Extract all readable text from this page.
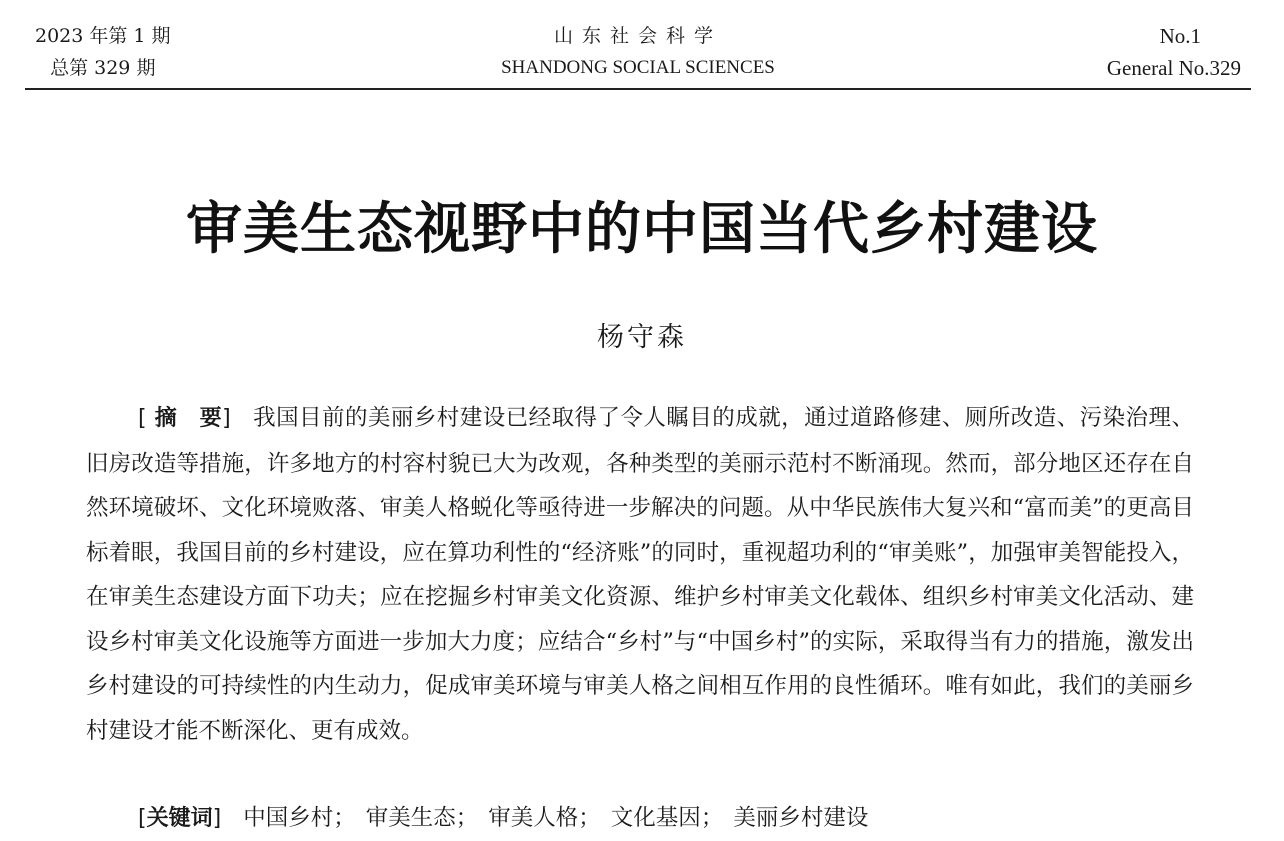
2023 年第 1 期
总第 329 期
山东社会科学
SHANDONG SOCIAL SCIENCES
No.1
General No.329
审美生态视野中的中国当代乡村建设
杨守森

[ 摘　要] 我国目前的美丽乡村建设已经取得了令人瞩目的成就，通过道路修建、厕所改造、污染治理、旧房改造等措施，许多地方的村容村貌已大为改观，各种类型的美丽示范村不断涌现。然而，部分地区还存在自然环境破坏、文化环境败落、审美人格蜕化等亟待进一步解决的问题。从中华民族伟大复兴和“富而美”的更高目标着眼，我国目前的乡村建设，应在算功利性的“经济账”的同时，重视超功利的“审美账”，加强审美智能投入，在审美生态建设方面下功夫；应在挖掘乡村审美文化资源、维护乡村审美文化载体、组织乡村审美文化活动、建设乡村审美文化设施等方面进一步加大力度；应结合“乡村”与“中国乡村”的实际，采取得当有力的措施，激发出乡村建设的可持续性的内生动力，促成审美环境与审美人格之间相互作用的良性循环。唯有如此，我们的美丽乡村建设才能不断深化、更有成效。

[关键词] 中国乡村； 审美生态； 审美人格； 文化基因； 美丽乡村建设
